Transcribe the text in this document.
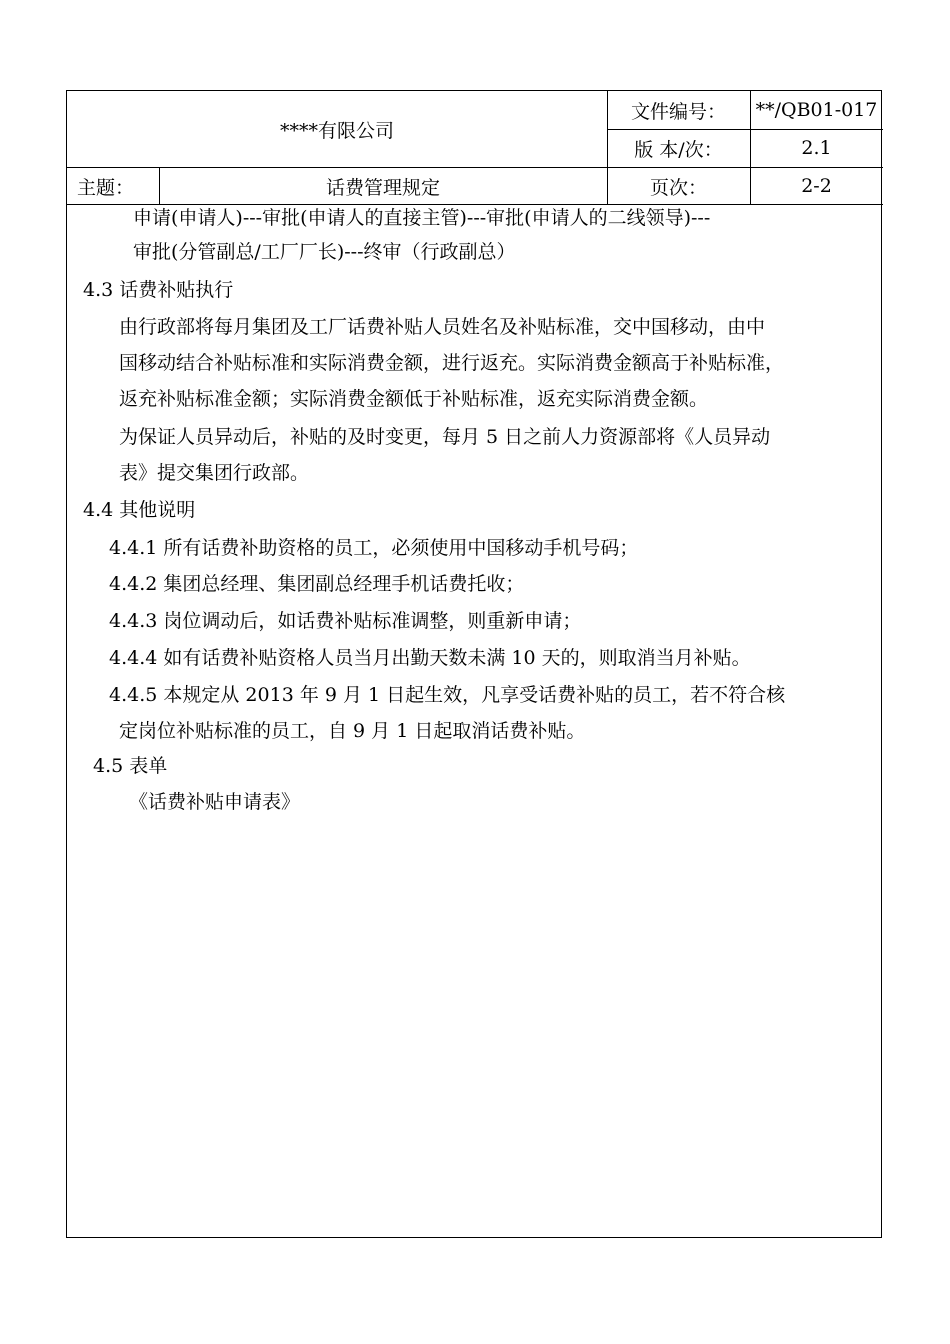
****有限公司
文件编号：	**/QB01-017
版 本/次：	2.1
主题：	话费管理规定	页次：	2-2
申请(申请人)---审批(申请人的直接主管)---审批(申请人的二线领导)---
审批(分管副总/工厂厂长)---终审（行政副总）
4.3 话费补贴执行
由行政部将每月集团及工厂话费补贴人员姓名及补贴标准，交中国移动，由中
国移动结合补贴标准和实际消费金额，进行返充。实际消费金额高于补贴标准，
返充补贴标准金额；实际消费金额低于补贴标准，返充实际消费金额。
为保证人员异动后，补贴的及时变更，每月 5 日之前人力资源部将《人员异动
表》提交集团行政部。
4.4 其他说明
4.4.1 所有话费补助资格的员工，必须使用中国移动手机号码；
4.4.2 集团总经理、集团副总经理手机话费托收；
4.4.3 岗位调动后，如话费补贴标准调整，则重新申请；
4.4.4 如有话费补贴资格人员当月出勤天数未满 10 天的，则取消当月补贴。
4.4.5 本规定从 2013 年 9 月 1 日起生效，凡享受话费补贴的员工，若不符合核
定岗位补贴标准的员工，自 9 月 1 日起取消话费补贴。
4.5 表单
《话费补贴申请表》
